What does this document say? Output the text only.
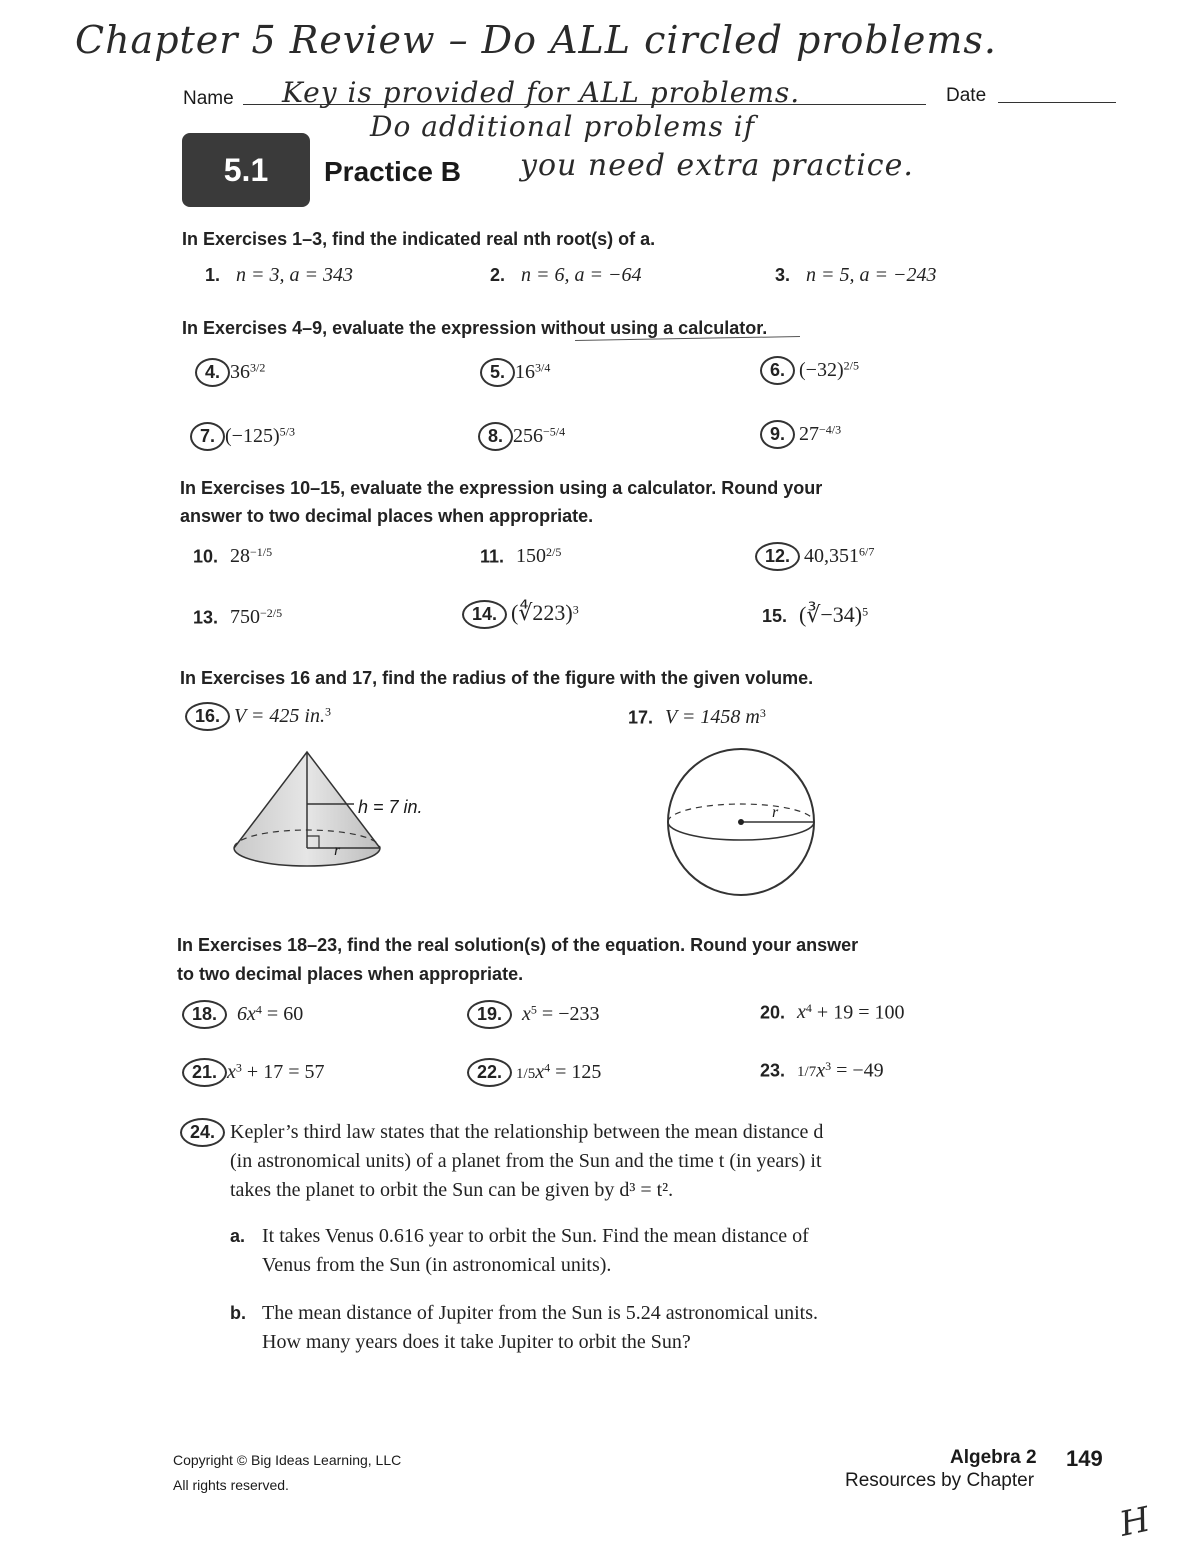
Chapter 5 Review – Do ALL circled problems.
Key is provided for ALL problems.
Do additional problems if
you need extra practice.
Name	Date
5.1	Practice B
In Exercises 1–3, find the indicated real nth root(s) of a.
1. n = 3, a = 343	2. n = 6, a = −64	3. n = 5, a = −243
In Exercises 4–9, evaluate the expression without using a calculator.
4. $36^{3/2}$	5. $16^{3/4}$	6. $(-32)^{2/5}$
7. $(-125)^{5/3}$	8. $256^{-5/4}$	9. $27^{-4/3}$
In Exercises 10–15, evaluate the expression using a calculator. Round your
answer to two decimal places when appropriate.
10. $28^{-1/5}$	11. $150^{2/5}$	12. $40,351^{6/7}$
13. $750^{-2/5}$	14. (∜223)$^3$	15. (∛−34)$^5$
In Exercises 16 and 17, find the radius of the figure with the given volume.
16. V = 425 in.$^3$	17. V = 1458 $m^3$
h = 7 in.
r
r
In Exercises 18–23, find the real solution(s) of the equation. Round your answer
to two decimal places when appropriate.
18. $6x^4 = 60$	19. $x^5 = -233$	20. $x^4 + 19 = 100$
21. $x^3 + 17 = 57$	22. $1/5x^4 = 125$	23. $1/7x^3 = -49$
24. Kepler’s third law states that the relationship between the mean distance d
(in astronomical units) of a planet from the Sun and the time t (in years) it
takes the planet to orbit the Sun can be given by d³ = t².
a. It takes Venus 0.616 year to orbit the Sun. Find the mean distance of
Venus from the Sun (in astronomical units).
b. The mean distance of Jupiter from the Sun is 5.24 astronomical units.
How many years does it take Jupiter to orbit the Sun?
Copyright © Big Ideas Learning, LLC
All rights reserved.
Algebra 2 149
Resources by Chapter
H
